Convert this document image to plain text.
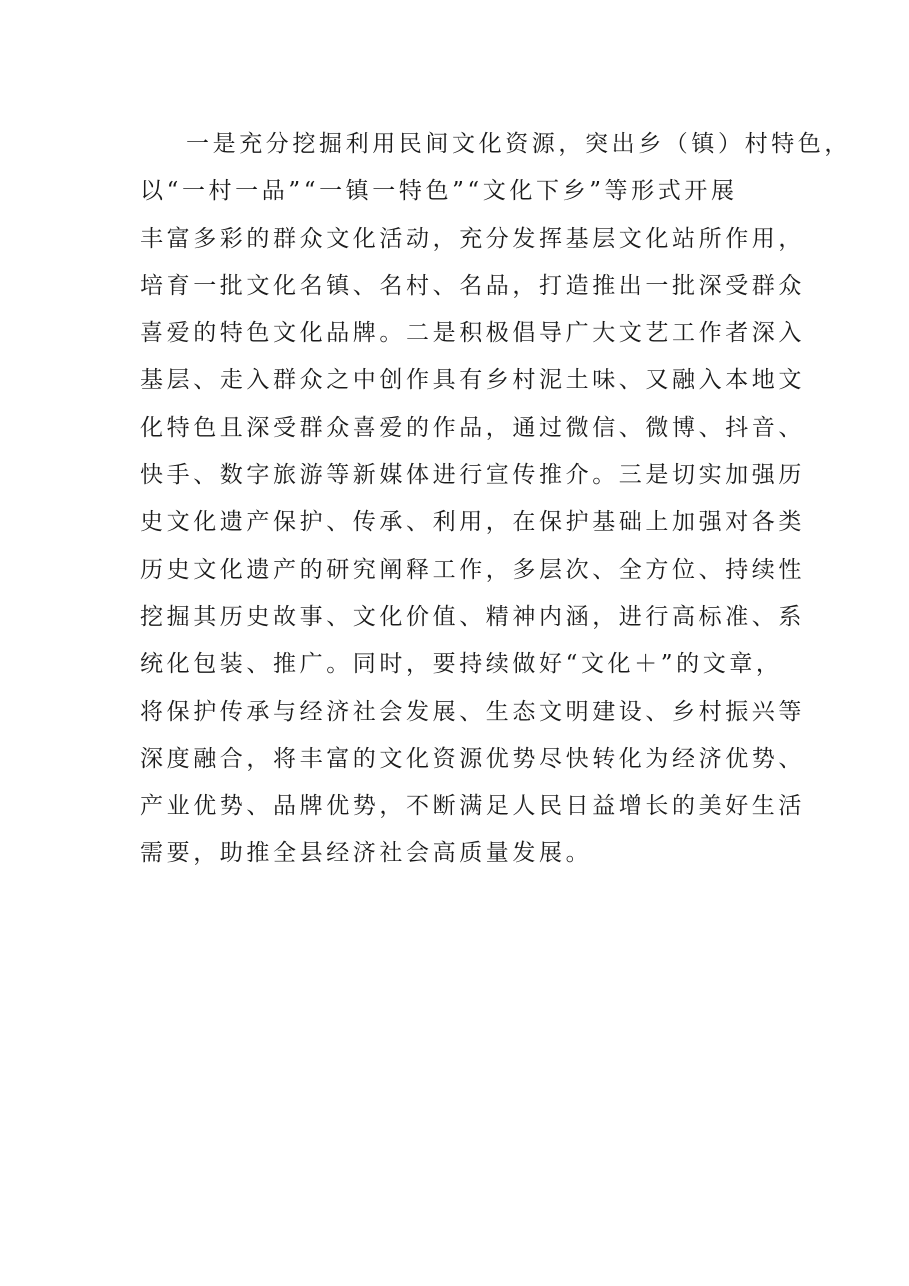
一是充分挖掘利用民间文化资源，突出乡（镇）村特色，
以“一村一品”“一镇一特色”“文化下乡”等形式开展
丰富多彩的群众文化活动，充分发挥基层文化站所作用，
培育一批文化名镇、名村、名品，打造推出一批深受群众
喜爱的特色文化品牌。二是积极倡导广大文艺工作者深入
基层、走入群众之中创作具有乡村泥土味、又融入本地文
化特色且深受群众喜爱的作品，通过微信、微博、抖音、
快手、数字旅游等新媒体进行宣传推介。三是切实加强历
史文化遗产保护、传承、利用，在保护基础上加强对各类
历史文化遗产的研究阐释工作，多层次、全方位、持续性
挖掘其历史故事、文化价值、精神内涵，进行高标准、系
统化包装、推广。同时，要持续做好“文化＋”的文章，
将保护传承与经济社会发展、生态文明建设、乡村振兴等
深度融合，将丰富的文化资源优势尽快转化为经济优势、
产业优势、品牌优势，不断满足人民日益增长的美好生活
需要，助推全县经济社会高质量发展。
